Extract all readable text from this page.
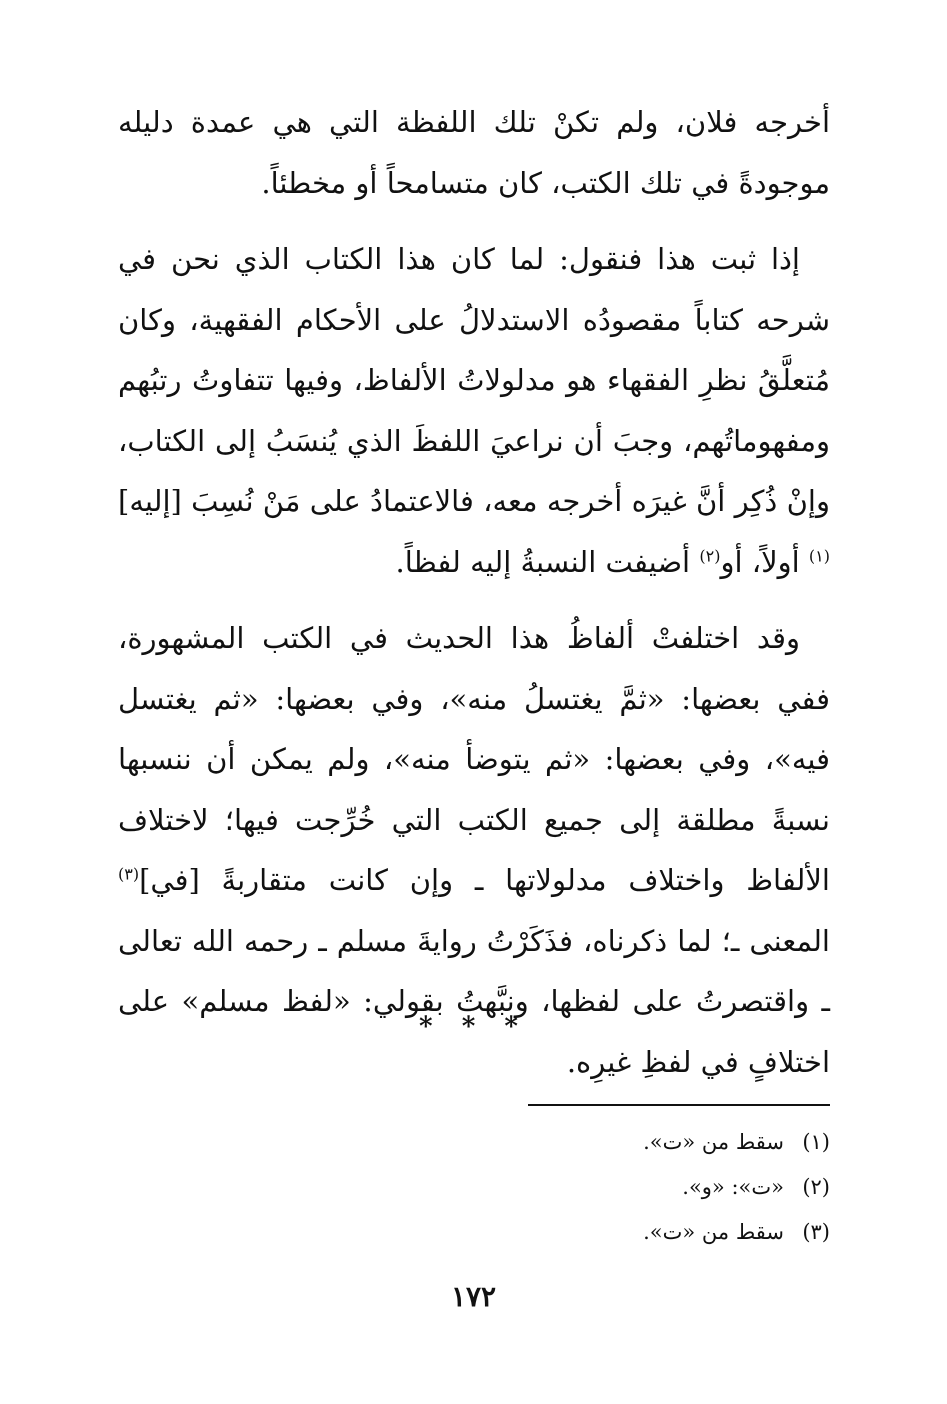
أخرجه فلان، ولم تكنْ تلك اللفظة التي هي عمدة دليله موجودةً في تلك الكتب، كان متسامحاً أو مخطئاً.

إذا ثبت هذا فنقول: لما كان هذا الكتاب الذي نحن في شرحه كتاباً مقصودُه الاستدلالُ على الأحكام الفقهية، وكان مُتعلَّقُ نظرِ الفقهاء هو مدلولاتُ الألفاظ، وفيها تتفاوتُ رتبُهم ومفهوماتُهم، وجبَ أن نراعيَ اللفظَ الذي يُنسَبُ إلى الكتاب، وإنْ ذُكِر أنَّ غيرَه أخرجه معه، فالاعتمادُ على مَنْ نُسِبَ [إليه]$^{(١)}$ أولاً، أو$^{(٢)}$ أضيفت النسبةُ إليه لفظاً.

وقد اختلفتْ ألفاظُ هذا الحديث في الكتب المشهورة، ففي بعضها: «ثمَّ يغتسلُ منه»، وفي بعضها: «ثم يغتسل فيه»، وفي بعضها: «ثم يتوضأ منه»، ولم يمكن أن ننسبها نسبةً مطلقة إلى جميع الكتب التي خُرِّجت فيها؛ لاختلاف الألفاظ واختلاف مدلولاتها ـ وإن كانت متقاربةً [في]$^{(٣)}$ المعنى ـ؛ لما ذكرناه، فذَكَرْتُ روايةَ مسلم ـ رحمه الله تعالى ـ واقتصرتُ على لفظها، ونبَّهتُ بقولي: «لفظ مسلم» على اختلافٍ في لفظِ غيرِه.

* * *
(١)سقط من «ت».
(٢)«ت»: «و».
(٣)سقط من «ت».
١٧٢
